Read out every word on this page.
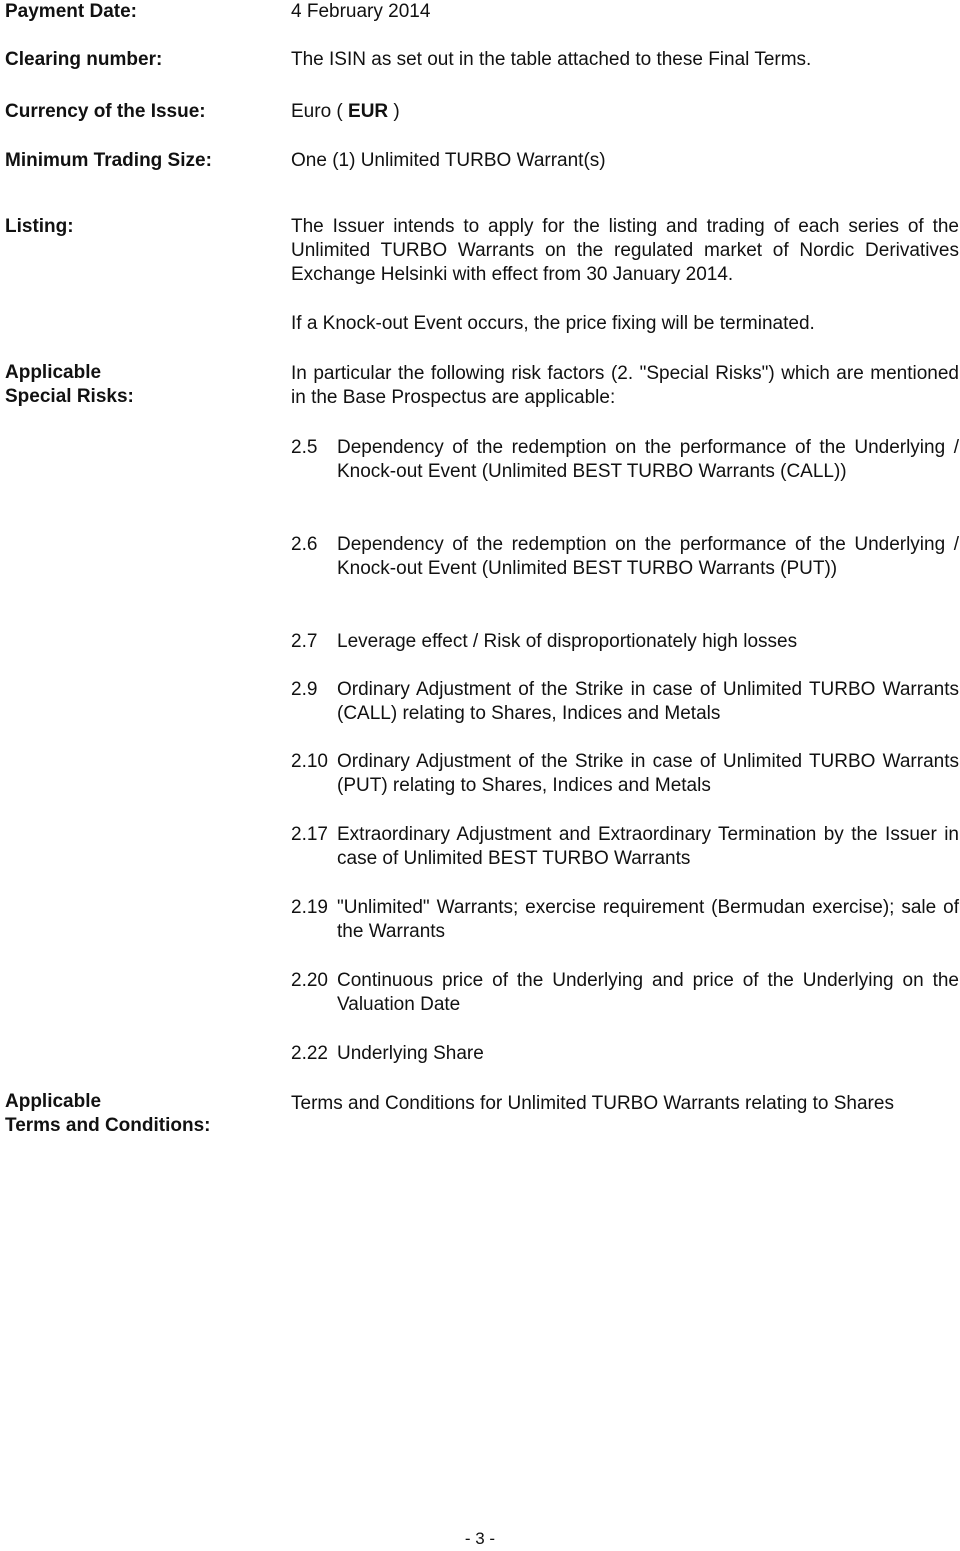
Payment Date:	4 February 2014
Clearing number:	The ISIN as set out in the table attached to these Final Terms.
Currency of the Issue:	Euro ( EUR )
Minimum Trading Size:	One (1) Unlimited TURBO Warrant(s)
Listing:	The Issuer intends to apply for the listing and trading of each series of the Unlimited TURBO Warrants on the regulated market of Nordic Derivatives Exchange Helsinki with effect from 30 January 2014.
If a Knock-out Event occurs, the price fixing will be terminated.
Applicable
Special Risks:
In particular the following risk factors (2. "Special Risks") which are mentioned in the Base Prospectus are applicable:
2.5	Dependency of the redemption on the performance of the Underlying / Knock-out Event (Unlimited BEST TURBO Warrants (CALL))
2.6	Dependency of the redemption on the performance of the Underlying / Knock-out Event (Unlimited BEST TURBO Warrants (PUT))
2.7	Leverage effect / Risk of disproportionately high losses
2.9	Ordinary Adjustment of the Strike in case of Unlimited TURBO Warrants (CALL) relating to Shares, Indices and Metals
2.10 Ordinary Adjustment of the Strike in case of Unlimited TURBO Warrants (PUT) relating to Shares, Indices and Metals
2.17 Extraordinary Adjustment and Extraordinary Termination by the Issuer in case of Unlimited BEST TURBO Warrants
2.19 "Unlimited" Warrants; exercise requirement (Bermudan exercise); sale of the Warrants
2.20 Continuous price of the Underlying and price of the Underlying on the Valuation Date
2.22 Underlying Share
Applicable
Terms and Conditions:
Terms and Conditions for Unlimited TURBO Warrants relating to Shares
- 3 -
